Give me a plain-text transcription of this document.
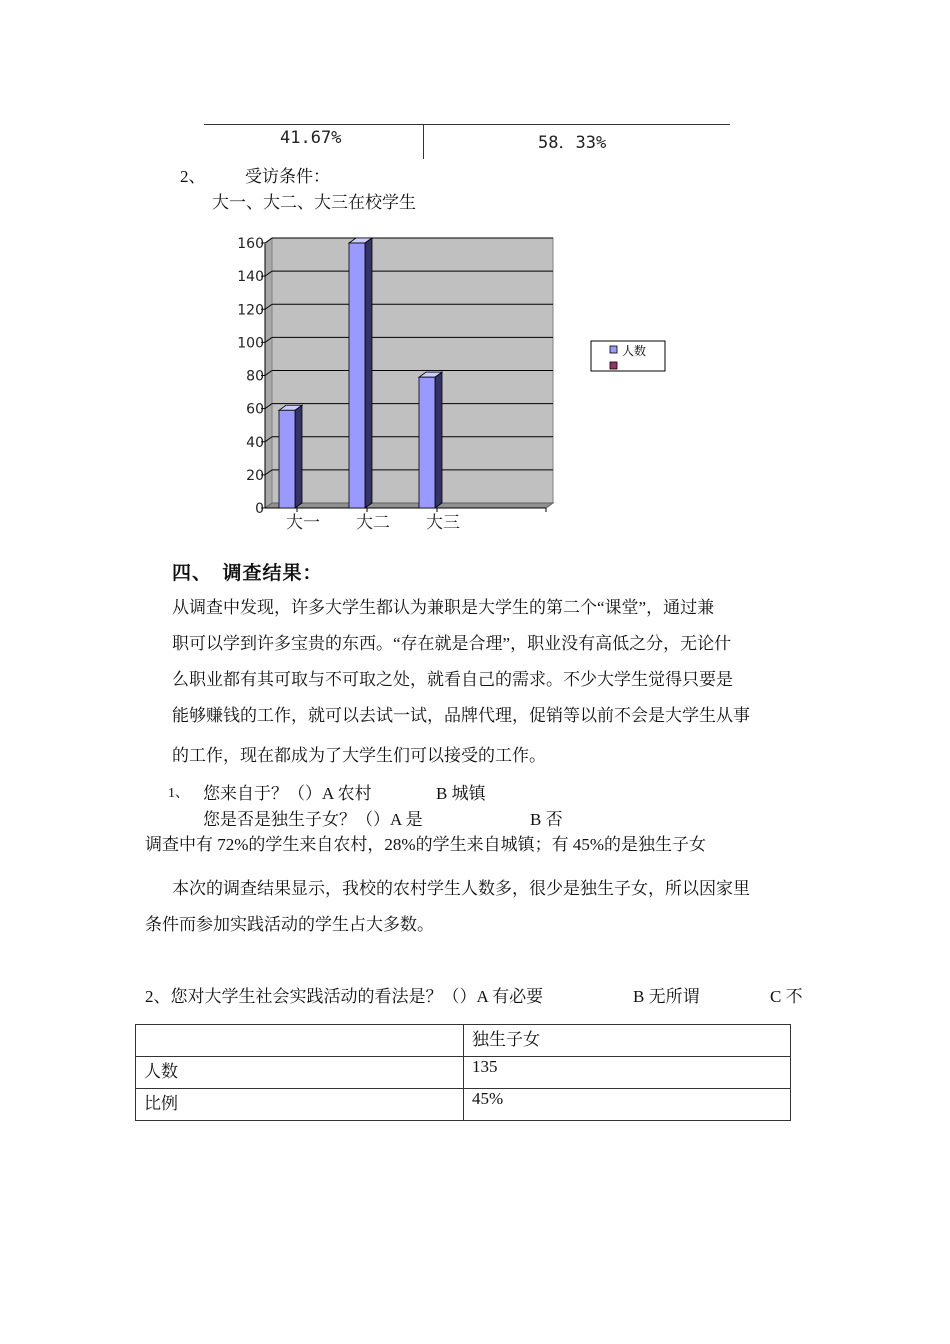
41.67%	58．33%
2、 受访条件：
大一、大二、大三在校学生
0
20
40
60
80
100
120
140
160
大一 大二 大三
人数
四、　调查结果：
从调查中发现，许多大学生都认为兼职是大学生的第二个“课堂”，通过兼
职可以学到许多宝贵的东西。“存在就是合理”，职业没有高低之分，无论什
么职业都有其可取与不可取之处，就看自己的需求。不少大学生觉得只要是
能够赚钱的工作，就可以去试一试，品牌代理，促销等以前不会是大学生从事
的工作，现在都成为了大学生们可以接受的工作。
1、 您来自于？（）A 农村	B 城镇
您是否是独生子女？（）A 是	B 否
调查中有 72%的学生来自农村，28%的学生来自城镇；有 45%的是独生子女
本次的调查结果显示，我校的农村学生人数多，很少是独生子女，所以因家里
条件而参加实践活动的学生占大多数。
2、您对大学生社会实践活动的看法是？（）A 有必要	B 无所谓	C 不
	独生子女
人数	135
比例	45%
